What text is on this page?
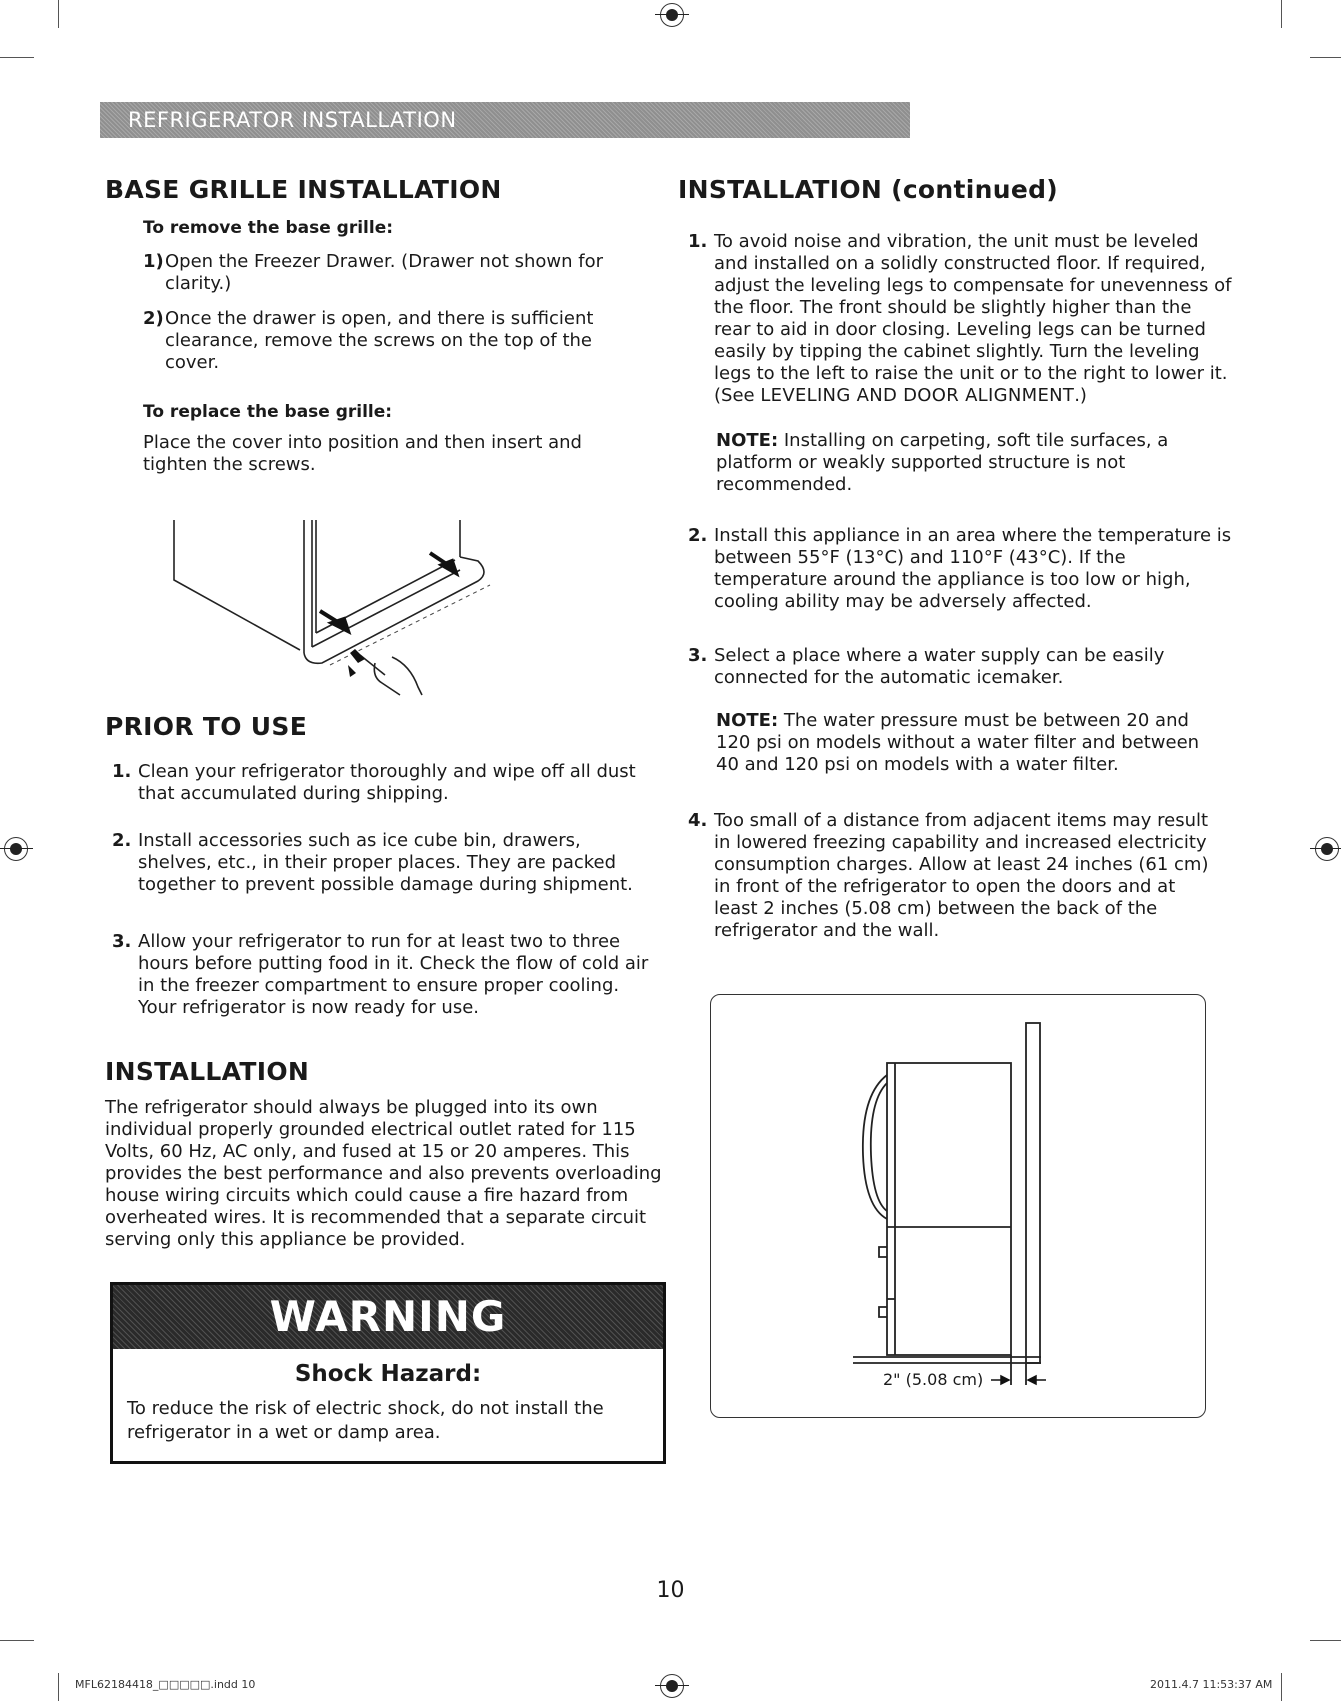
REFRIGERATOR INSTALLATION
BASE GRILLE INSTALLATION
To remove the base grille:
1) Open the Freezer Drawer. (Drawer not shown for clarity.)
2) Once the drawer is open, and there is sufficient clearance, remove the screws on the top of the cover.
To replace the base grille:

Place the cover into position and then insert and tighten the screws.

PRIOR TO USE
1. Clean your refrigerator thoroughly and wipe off all dust that accumulated during shipping.
2. Install accessories such as ice cube bin, drawers, shelves, etc., in their proper places. They are packed together to prevent possible damage during shipment.
3. Allow your refrigerator to run for at least two to three hours before putting food in it. Check the flow of cold air in the freezer compartment to ensure proper cooling. Your refrigerator is now ready for use.
INSTALLATION

The refrigerator should always be plugged into its own individual properly grounded electrical outlet rated for 115 Volts, 60 Hz, AC only, and fused at 15 or 20 amperes. This provides the best performance and also prevents overloading house wiring circuits which could cause a fire hazard from overheated wires. It is recommended that a separate circuit serving only this appliance be provided.

WARNING
Shock Hazard:
To reduce the risk of electric shock, do not install the refrigerator in a wet or damp area.
INSTALLATION (continued)
1. To avoid noise and vibration, the unit must be leveled and installed on a solidly constructed floor. If required, adjust the leveling legs to compensate for unevenness of the floor. The front should be slightly higher than the rear to aid in door closing. Leveling legs can be turned easily by tipping the cabinet slightly. Turn the leveling legs to the left to raise the unit or to the right to lower it. (See LEVELING AND DOOR ALIGNMENT.)

NOTE: Installing on carpeting, soft tile surfaces, a platform or weakly supported structure is not recommended.

2. Install this appliance in an area where the temperature is between 55°F (13°C) and 110°F (43°C). If the temperature around the appliance is too low or high, cooling ability may be adversely affected.
3. Select a place where a water supply can be easily connected for the automatic icemaker.

NOTE: The water pressure must be between 20 and 120 psi on models without a water filter and between 40 and 120 psi on models with a water filter.

4. Too small of a distance from adjacent items may result in lowered freezing capability and increased electricity consumption charges. Allow at least 24 inches (61 cm) in front of the refrigerator to open the doors and at least 2 inches (5.08 cm) between the back of the refrigerator and the wall.
2" (5.08 cm)
10
MFL62184418_□□□□□.indd 10	2011.4.7 11:53:37 AM
